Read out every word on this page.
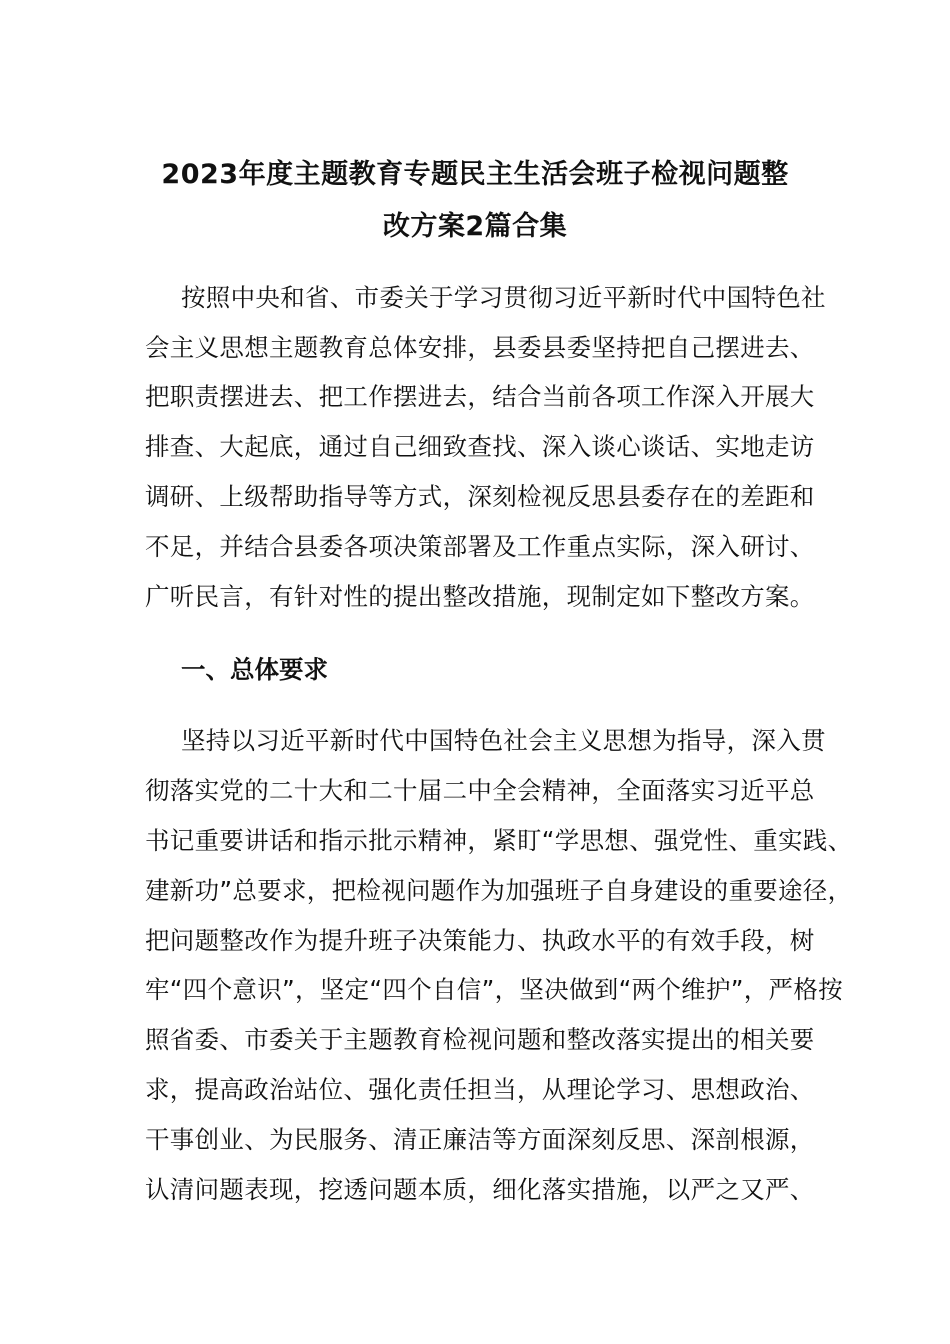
2023年度主题教育专题民主生活会班子检视问题整
改方案2篇合集
按照中央和省、市委关于学习贯彻习近平新时代中国特色社
会主义思想主题教育总体安排，县委县委坚持把自己摆进去、
把职责摆进去、把工作摆进去，结合当前各项工作深入开展大
排查、大起底，通过自己细致查找、深入谈心谈话、实地走访
调研、上级帮助指导等方式，深刻检视反思县委存在的差距和
不足，并结合县委各项决策部署及工作重点实际，深入研讨、
广听民言，有针对性的提出整改措施，现制定如下整改方案。
一、总体要求
坚持以习近平新时代中国特色社会主义思想为指导，深入贯
彻落实党的二十大和二十届二中全会精神，全面落实习近平总
书记重要讲话和指示批示精神，紧盯“学思想、强党性、重实践、
建新功”总要求，把检视问题作为加强班子自身建设的重要途径，
把问题整改作为提升班子决策能力、执政水平的有效手段，树
牢“四个意识”，坚定“四个自信”，坚决做到“两个维护”，严格按
照省委、市委关于主题教育检视问题和整改落实提出的相关要
求，提高政治站位、强化责任担当，从理论学习、思想政治、
干事创业、为民服务、清正廉洁等方面深刻反思、深剖根源，
认清问题表现，挖透问题本质，细化落实措施，以严之又严、
